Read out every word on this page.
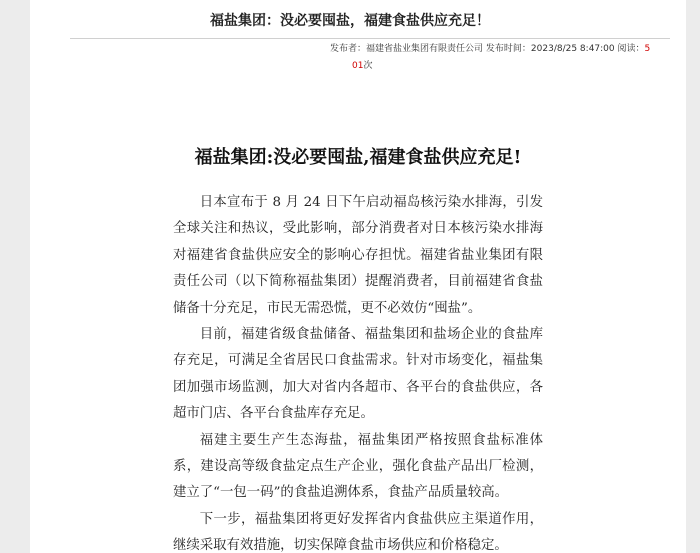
福盐集团：没必要囤盐，福建食盐供应充足！
发布者：福建省盐业集团有限责任公司 发布时间：2023/8/25 8:47:00 阅读：5
01次
福盐集团:没必要囤盐,福建食盐供应充足!

日本宣布于 8 月 24 日下午启动福岛核污染水排海，引发全球关注和热议，受此影响，部分消费者对日本核污染水排海对福建省食盐供应安全的影响心存担忧。福建省盐业集团有限责任公司（以下简称福盐集团）提醒消费者，目前福建省食盐储备十分充足，市民无需恐慌，更不必效仿“囤盐”。

目前，福建省级食盐储备、福盐集团和盐场企业的食盐库存充足，可满足全省居民口食盐需求。针对市场变化，福盐集团加强市场监测，加大对省内各超市、各平台的食盐供应，各超市门店、各平台食盐库存充足。

福建主要生产生态海盐，福盐集团严格按照食盐标准体系，建设高等级食盐定点生产企业，强化食盐产品出厂检测，建立了“一包一码”的食盐追溯体系，食盐产品质量较高。

下一步，福盐集团将更好发挥省内食盐供应主渠道作用，继续采取有效措施，切实保障食盐市场供应和价格稳定。
